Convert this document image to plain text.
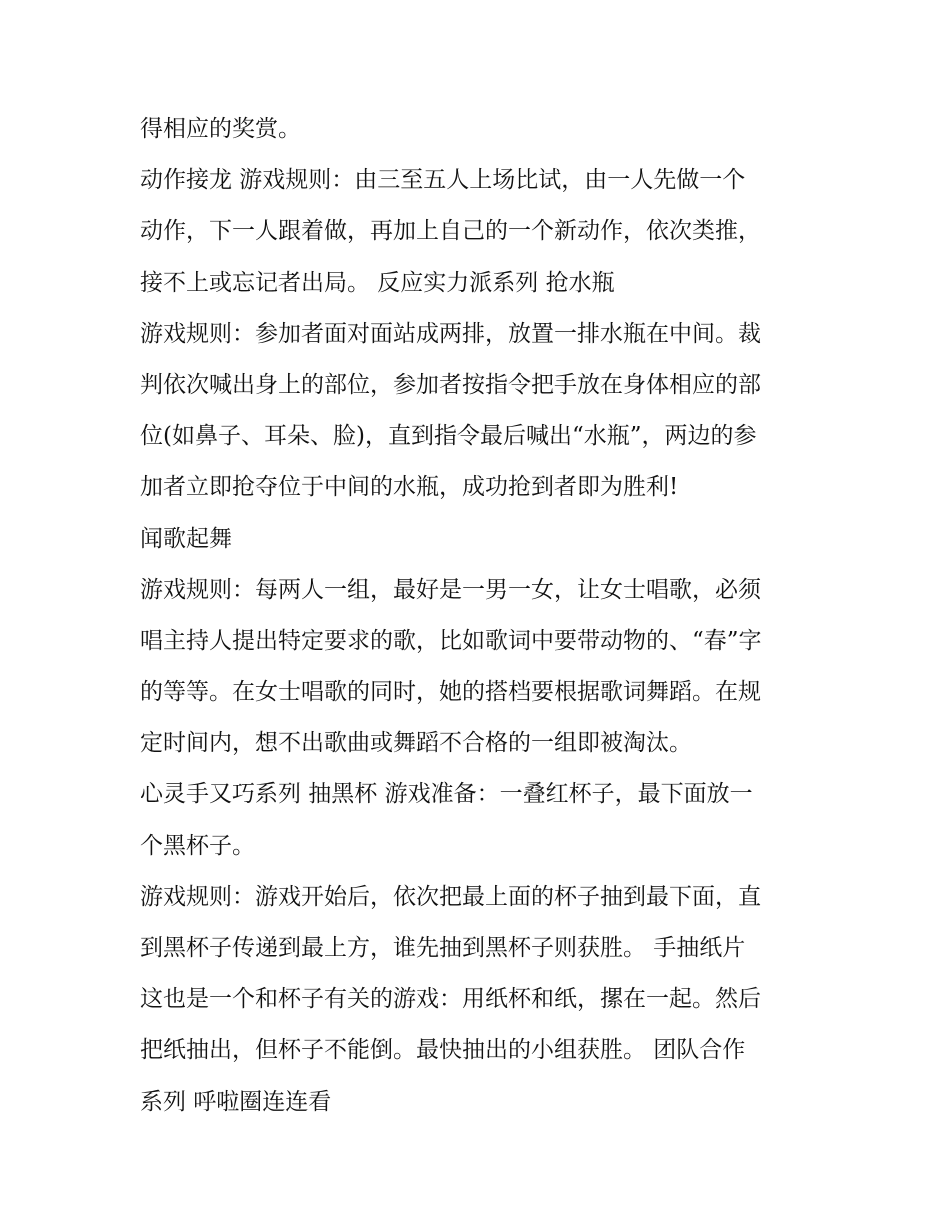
得相应的奖赏。
动作接龙 游戏规则：由三至五人上场比试，由一人先做一个
动作，下一人跟着做，再加上自己的一个新动作，依次类推，
接不上或忘记者出局。 反应实力派系列 抢水瓶
游戏规则：参加者面对面站成两排，放置一排水瓶在中间。裁
判依次喊出身上的部位，参加者按指令把手放在身体相应的部
位(如鼻子、耳朵、脸)，直到指令最后喊出“水瓶”，两边的参
加者立即抢夺位于中间的水瓶，成功抢到者即为胜利!
闻歌起舞
游戏规则：每两人一组，最好是一男一女，让女士唱歌，必须
唱主持人提出特定要求的歌，比如歌词中要带动物的、“春”字
的等等。在女士唱歌的同时，她的搭档要根据歌词舞蹈。在规
定时间内，想不出歌曲或舞蹈不合格的一组即被淘汰。
心灵手又巧系列 抽黑杯 游戏准备：一叠红杯子，最下面放一
个黑杯子。
游戏规则：游戏开始后，依次把最上面的杯子抽到最下面，直
到黑杯子传递到最上方，谁先抽到黑杯子则获胜。 手抽纸片
这也是一个和杯子有关的游戏：用纸杯和纸，摞在一起。然后
把纸抽出，但杯子不能倒。最快抽出的小组获胜。 团队合作
系列 呼啦圈连连看
